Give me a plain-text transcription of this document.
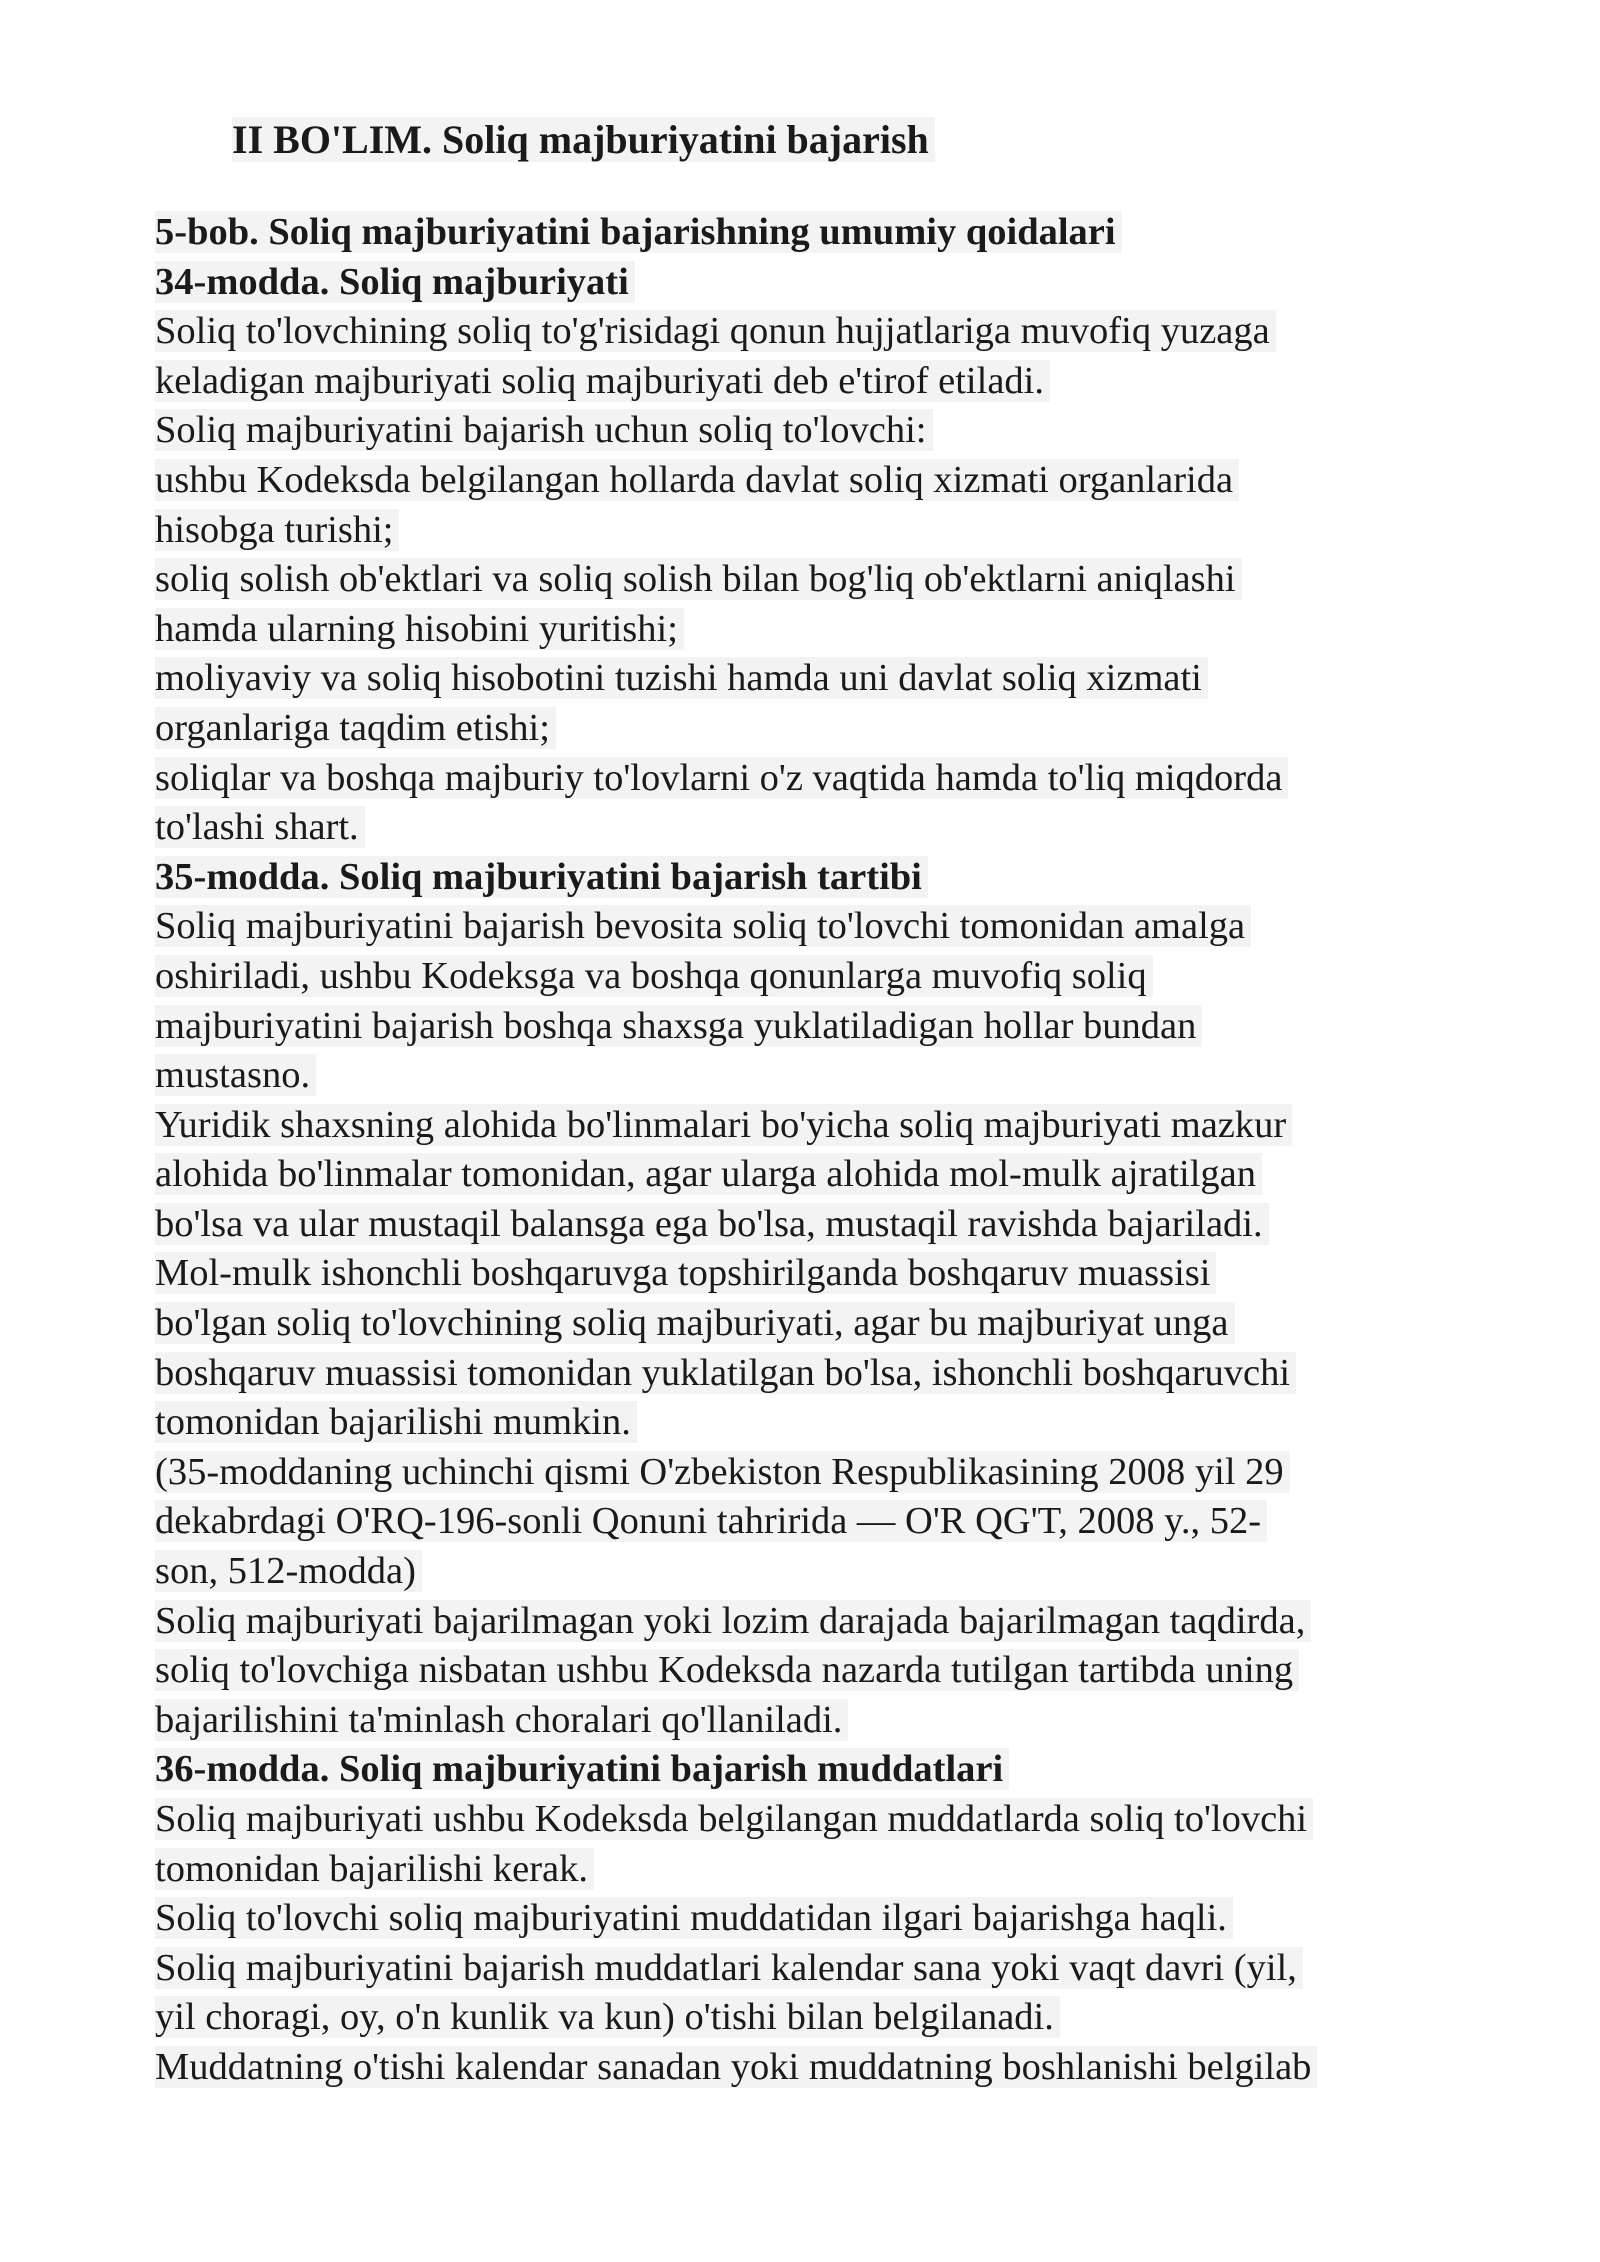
II BO'LIM. Soliq majburiyatini bajarish
5-bob. Soliq majburiyatini bajarishning umumiy qoidalari
34-modda. Soliq majburiyati
Soliq to'lovchining soliq to'g'risidagi qonun hujjatlariga muvofiq yuzaga
keladigan majburiyati soliq majburiyati deb e'tirof etiladi.
Soliq majburiyatini bajarish uchun soliq to'lovchi:
ushbu Kodeksda belgilangan hollarda davlat soliq xizmati organlarida
hisobga turishi;
soliq solish ob'ektlari va soliq solish bilan bog'liq ob'ektlarni aniqlashi
hamda ularning hisobini yuritishi;
moliyaviy va soliq hisobotini tuzishi hamda uni davlat soliq xizmati
organlariga taqdim etishi;
soliqlar va boshqa majburiy to'lovlarni o'z vaqtida hamda to'liq miqdorda
to'lashi shart.
35-modda. Soliq majburiyatini bajarish tartibi
Soliq majburiyatini bajarish bevosita soliq to'lovchi tomonidan amalga
oshiriladi, ushbu Kodeksga va boshqa qonunlarga muvofiq soliq
majburiyatini bajarish boshqa shaxsga yuklatiladigan hollar bundan
mustasno.
Yuridik shaxsning alohida bo'linmalari bo'yicha soliq majburiyati mazkur
alohida bo'linmalar tomonidan, agar ularga alohida mol-mulk ajratilgan
bo'lsa va ular mustaqil balansga ega bo'lsa, mustaqil ravishda bajariladi.
Mol-mulk ishonchli boshqaruvga topshirilganda boshqaruv muassisi
bo'lgan soliq to'lovchining soliq majburiyati, agar bu majburiyat unga
boshqaruv muassisi tomonidan yuklatilgan bo'lsa, ishonchli boshqaruvchi
tomonidan bajarilishi mumkin.
(35-moddaning uchinchi qismi O'zbekiston Respublikasining 2008 yil 29
dekabrdagi O'RQ-196-sonli Qonuni tahririda — O'R QG'T, 2008 y., 52-
son, 512-modda)
Soliq majburiyati bajarilmagan yoki lozim darajada bajarilmagan taqdirda,
soliq to'lovchiga nisbatan ushbu Kodeksda nazarda tutilgan tartibda uning
bajarilishini ta'minlash choralari qo'llaniladi.
36-modda. Soliq majburiyatini bajarish muddatlari
Soliq majburiyati ushbu Kodeksda belgilangan muddatlarda soliq to'lovchi
tomonidan bajarilishi kerak.
Soliq to'lovchi soliq majburiyatini muddatidan ilgari bajarishga haqli.
Soliq majburiyatini bajarish muddatlari kalendar sana yoki vaqt davri (yil,
yil choragi, oy, o'n kunlik va kun) o'tishi bilan belgilanadi.
Muddatning o'tishi kalendar sanadan yoki muddatning boshlanishi belgilab
